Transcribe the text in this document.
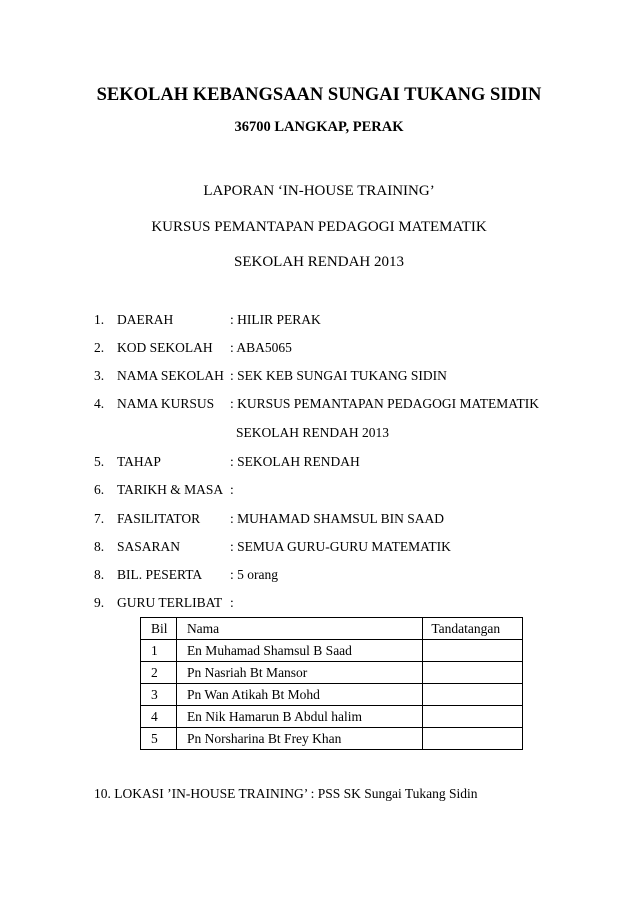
SEKOLAH KEBANGSAAN SUNGAI TUKANG SIDIN
36700 LANGKAP, PERAK
LAPORAN ‘IN-HOUSE TRAINING’
KURSUS PEMANTAPAN PEDAGOGI MATEMATIK
SEKOLAH RENDAH 2013
1. DAERAH	: HILIR PERAK
2. KOD SEKOLAH : ABA5065
3. NAMA SEKOLAH : SEK KEB SUNGAI TUKANG SIDIN
4. NAMA KURSUS : KURSUS PEMANTAPAN PEDAGOGI MATEMATIK
SEKOLAH RENDAH 2013
5. TAHAP	: SEKOLAH RENDAH
6. TARIKH & MASA :
7. FASILITATOR : MUHAMAD SHAMSUL BIN SAAD
8. SASARAN	: SEMUA GURU-GURU MATEMATIK
8. BIL. PESERTA : 5 orang
9. GURU TERLIBAT :
Bil	Nama	Tandatangan
1	En Muhamad Shamsul B Saad	
2	Pn Nasriah Bt Mansor	
3	Pn Wan Atikah Bt Mohd	
4	En Nik Hamarun B Abdul halim	
5	Pn Norsharina Bt Frey Khan	
10. LOKASI ’IN-HOUSE TRAINING’ : PSS SK Sungai Tukang Sidin
